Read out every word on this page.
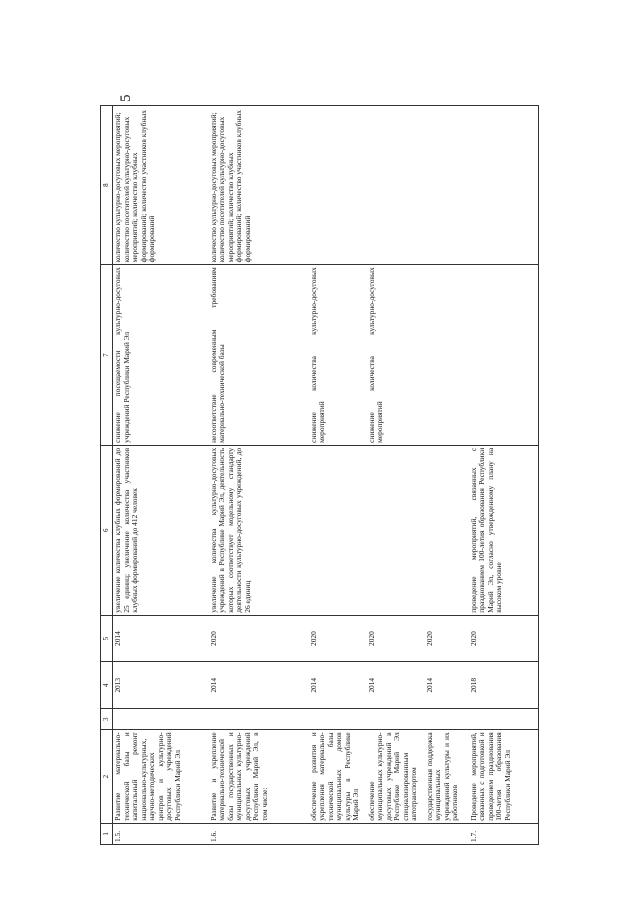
5
1	2	3	4	5	6	7	8
1.5.	Развитие материально-технической базы и капитальный ремонт национально-культурных, научно-методических центров и культурно-досуговых учреждений Республики Марий Эл		2013	2014	увеличение количества клубных формирований до 25 единиц; увеличение количества участников клубных формирований до 412 человек	снижение посещаемости культурно-досуговых учреждений Республики Марий Эл	количество культурно-досуговых мероприятий; количество посетителей культурно-досуговых мероприятий; количество клубных формирований; количество участников клубных формирований
1.6.	Развитие и укрепление материально-технической базы государственных и муниципальных культурно-досуговых учреждений Республики Марий Эл, в том числе:		2014	2020	увеличение количества культурно-досуговых учреждений в Республике Марий Эл, деятельность которых соответствует модельному стандарту деятельности культурно-досуговых учреждений, до 26 единиц	несоответствие современным требованиям материально-технической базы	количество культурно-досуговых мероприятий; количество посетителей культурно-досуговых мероприятий; количество клубных формирований; количество участников клубных формирований
	обеспечение развития и укрепления материально-технической базы муниципальных домов культуры в Республике Марий Эл		2014	2020		снижение количества культурно-досуговых мероприятий	
	обеспечение муниципальных культурно-досуговых учреждений в Республике Марий Эл специализированным автотранспортом		2014	2020		снижение количества культурно-досуговых мероприятий	
	государственная поддержка муниципальных учреждений культуры и их работников		2014	2020			
1.7.	Проведение мероприятий, связанных с подготовкой и проведением празднования 100-летия образования Республики Марий Эл		2018	2020	проведение мероприятий, связанных с празднованием 100-летия образования Республики Марий Эл, согласно утвержденному плану на высоком уровне		
